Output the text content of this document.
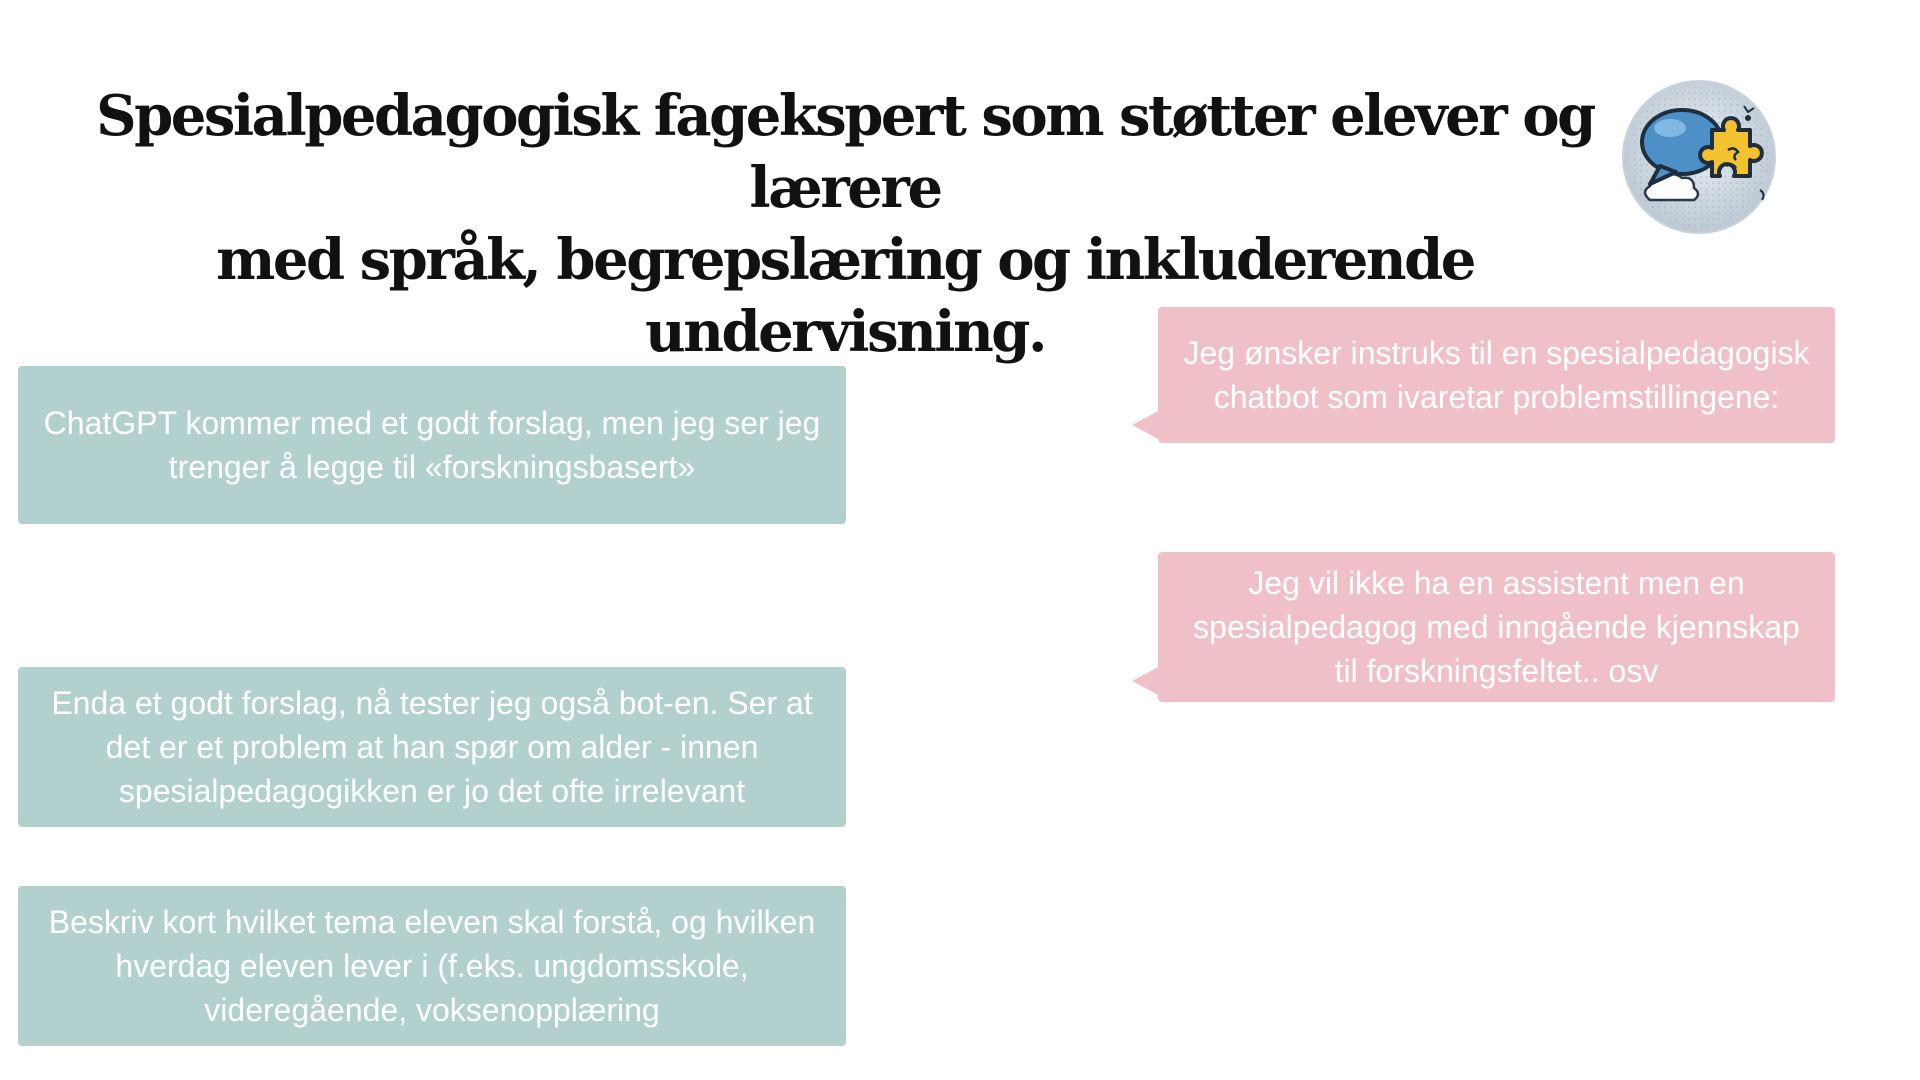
Spesialpedagogisk fagekspert som støtter elever og lærere
med språk, begrepslæring og inkluderende undervisning.
ChatGPT kommer med et godt forslag, men jeg ser jeg
trenger å legge til «forskningsbasert»
Enda et godt forslag, nå tester jeg også bot-en. Ser at
det er et problem at han spør om alder - innen
spesialpedagogikken er jo det ofte irrelevant
Beskriv kort hvilket tema eleven skal forstå, og hvilken
hverdag eleven lever i (f.eks. ungdomsskole,
videregående, voksenopplæring
Jeg ønsker instruks til en spesialpedagogisk
chatbot som ivaretar problemstillingene:
Jeg vil ikke ha en assistent men en
spesialpedagog med inngående kjennskap
til forskningsfeltet.. osv
